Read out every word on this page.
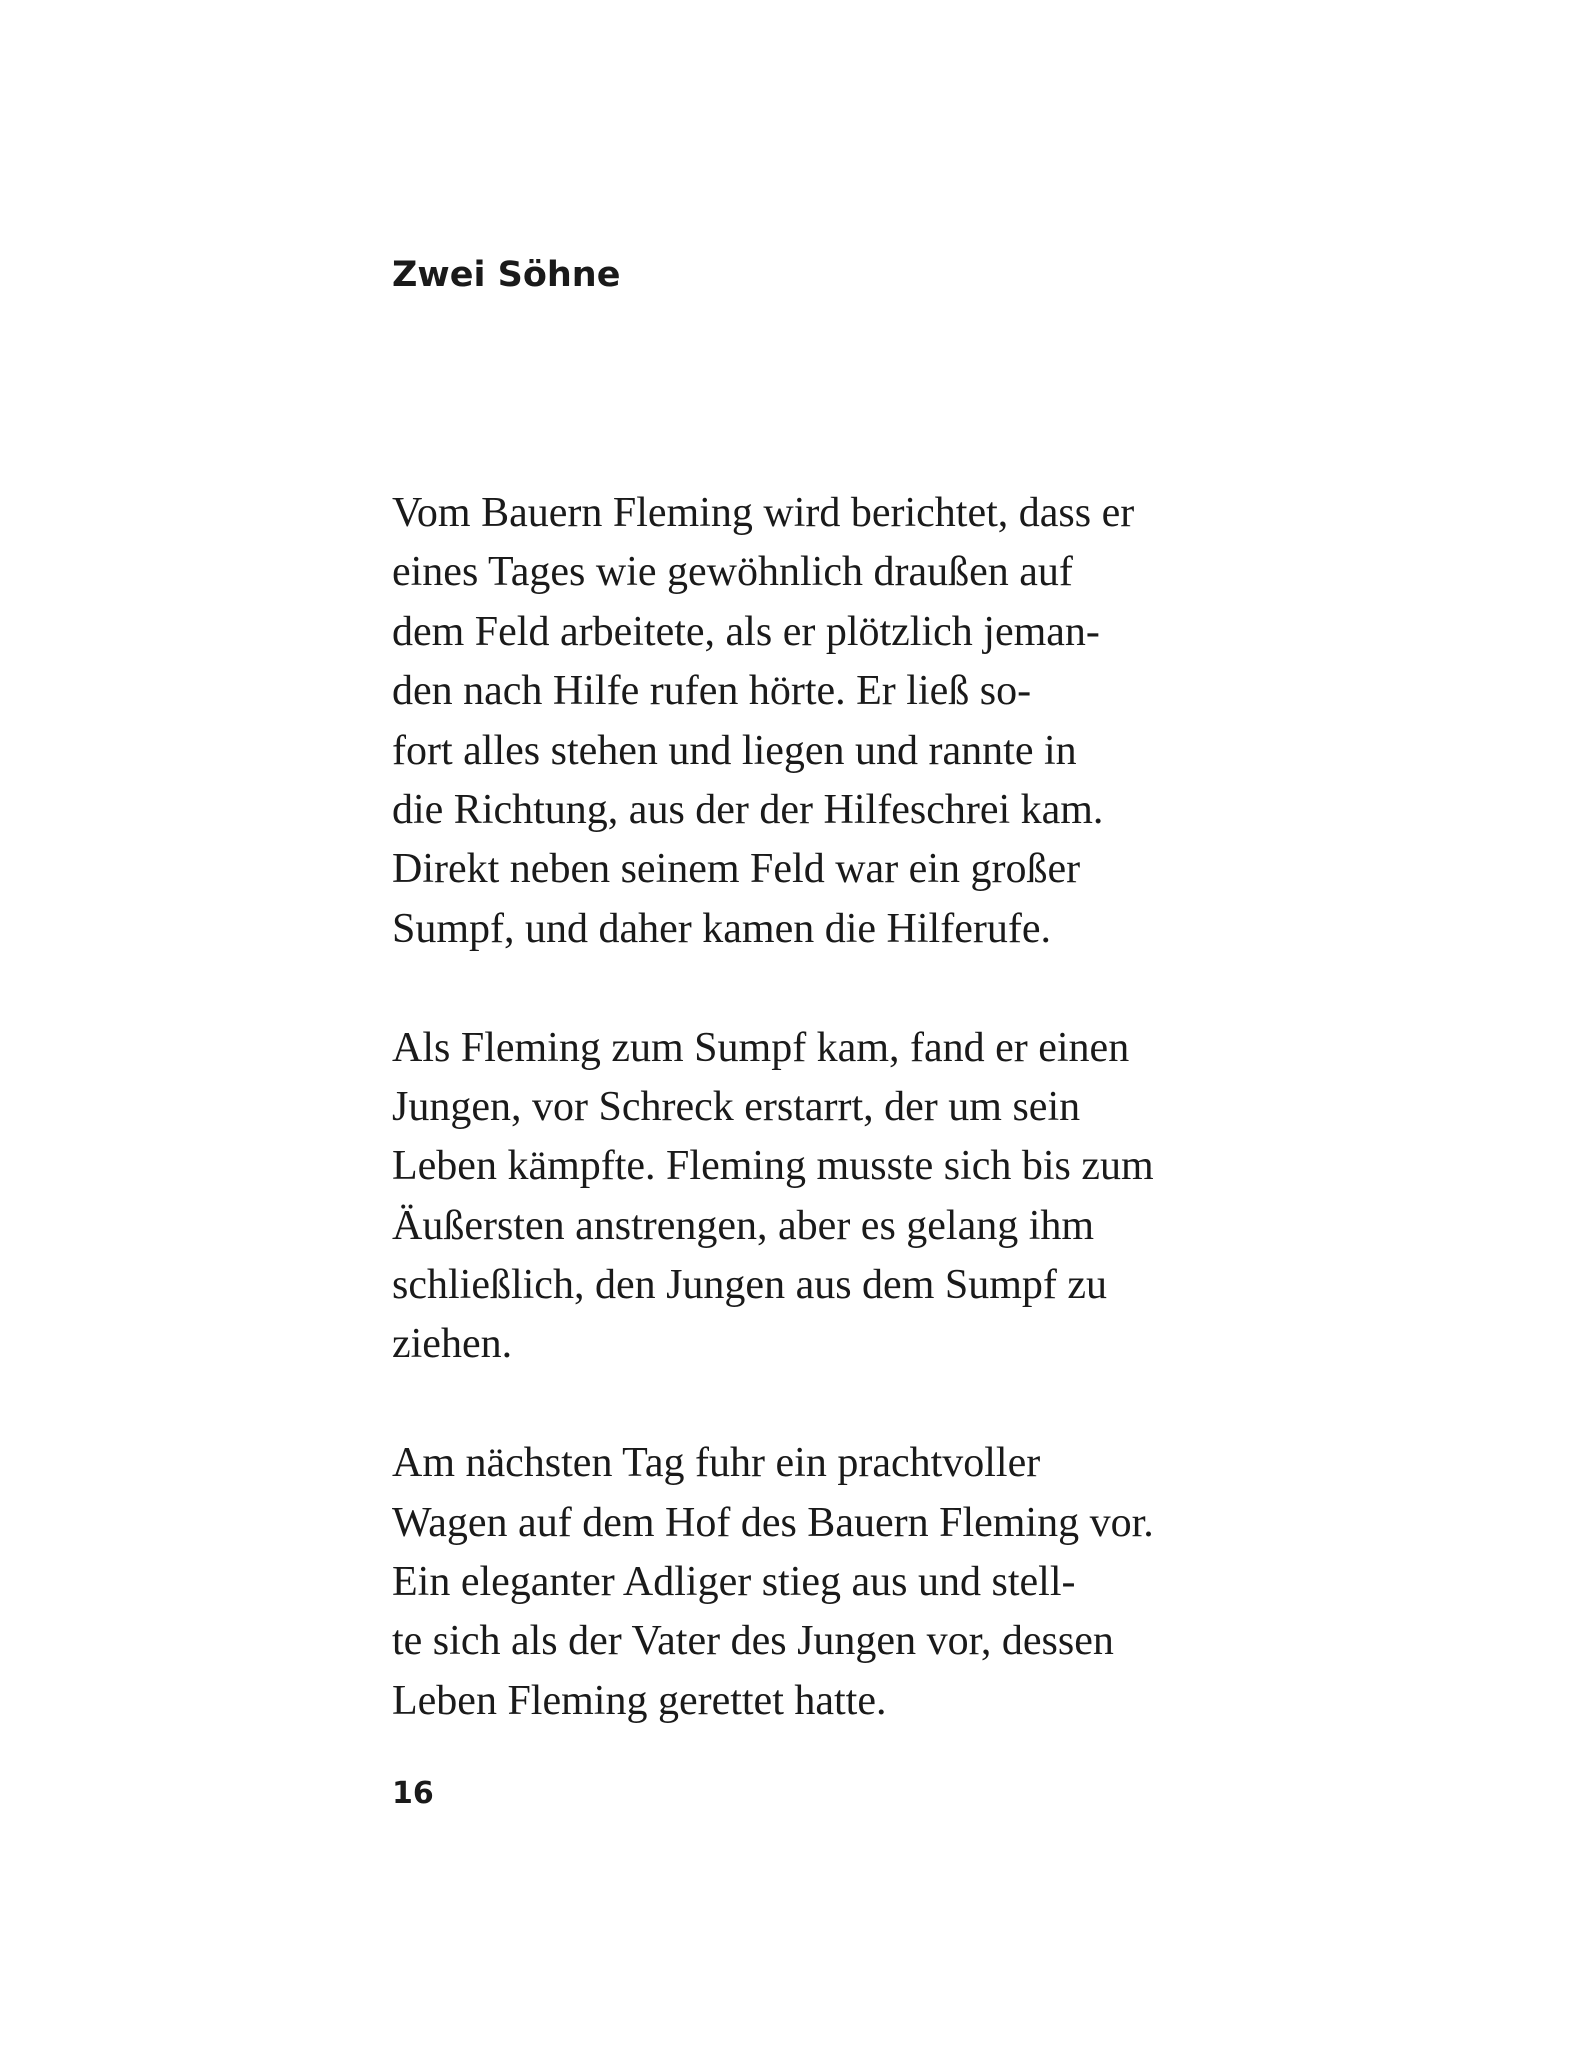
Zwei Söhne
Vom Bauern Fleming wird berichtet, dass er
eines Tages wie gewöhnlich draußen auf
dem Feld arbeitete, als er plötzlich jeman-
den nach Hilfe rufen hörte. Er ließ so-
fort alles stehen und liegen und rannte in
die Richtung, aus der der Hilfeschrei kam.
Direkt neben seinem Feld war ein großer
Sumpf, und daher kamen die Hilferufe.
Als Fleming zum Sumpf kam, fand er einen
Jungen, vor Schreck erstarrt, der um sein
Leben kämpfte. Fleming musste sich bis zum
Äußersten anstrengen, aber es gelang ihm
schließlich, den Jungen aus dem Sumpf zu
ziehen.
Am nächsten Tag fuhr ein prachtvoller
Wagen auf dem Hof des Bauern Fleming vor.
Ein eleganter Adliger stieg aus und stell-
te sich als der Vater des Jungen vor, dessen
Leben Fleming gerettet hatte.
16
